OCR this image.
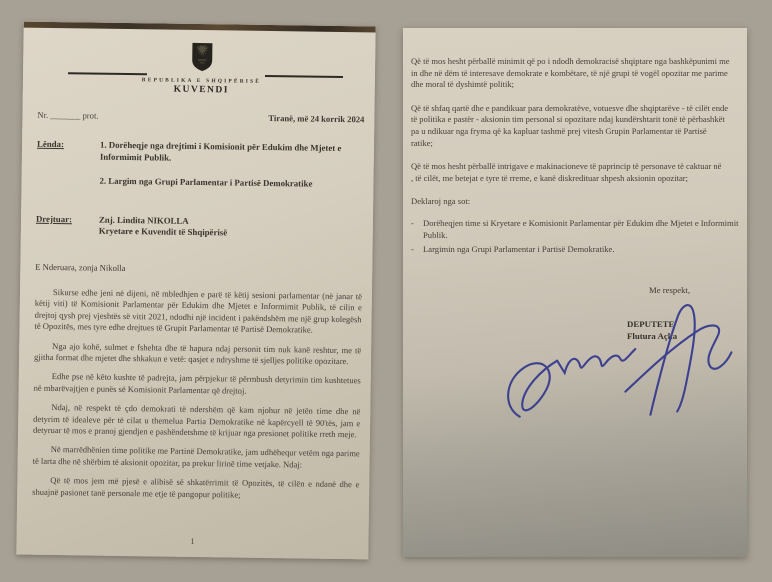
REPUBLIKA E SHQIPËRISË
KUVENDI
Nr. _______ prot.	Tiranë, më 24 korrik 2024
Lënda:	1. Dorëheqje nga drejtimi i Komisionit për Edukim dhe Mjetet e Informimit Publik.
2. Largim nga Grupi Parlamentar i Partisë Demokratike
Drejtuar:	Znj. Lindita NIKOLLA
Kryetare e Kuvendit të Shqipërisë
E Nderuara, zonja Nikolla

Sikurse edhe jeni në dijeni, në mbledhjen e parë të këtij sesioni parlamentar (në janar të këtij viti) të Komisionit Parlamentar për Edukim dhe Mjetet e Informimit Publik, të cilin e drejtoj qysh prej vjeshtës së vitit 2021, ndodhi një incident i pakëndshëm me një grup kolegësh të Opozitës, mes tyre edhe drejtues të Grupit Parlamentar të Partisë Demokratike.

Nga ajo kohë, sulmet e fshehta dhe të hapura ndaj personit tim nuk kanë reshtur, me të gjitha format dhe mjetet dhe shkakun e vetë: qasjet e ndryshme të sjelljes politike opozitare.

Edhe pse në këto kushte të padrejta, jam përpjekur të përmbush detyrimin tim kushtetues në mbarëvajtjen e punës së Komisionit Parlamentar që drejtoj.

Ndaj, në respekt të çdo demokrati të ndershëm që kam njohur në jetën time dhe në detyrim të idealeve për të cilat u themelua Partia Demokratike në kapërcyell të 90'tës, jam e detyruar të mos e pranoj gjendjen e pashëndetshme të krijuar nga presionet politike rreth meje.

Në marrëdhënien time politike me Partinë Demokratike, jam udhëhequr vetëm nga parime të larta dhe në shërbim të aksionit opozitar, pa prekur lirinë time vetjake. Ndaj:

Që të mos jem më pjesë e alibisë së shkatërrimit të Opozitës, të cilën e ndanë dhe e shuajnë pasionet tanë personale me etje të pangopur politike;

1
Që të mos hesht përballë minimit që po i ndodh demokracisë shqiptare nga bashkëpunimi me
in dhe në dëm të interesave demokrate e kombëtare, të një grupi të vogël opozitar me parime
dhe moral të dyshimtë politik;
Që të shfaq qartë dhe e pandikuar para demokratëve, votuesve dhe shqiptarëve - të cilët ende
të politika e pastër - aksionin tim personal si opozitare ndaj kundërshtarit tonë të përbashkët
pa u ndikuar nga fryma që ka kapluar tashmë prej vitesh Grupin Parlamentar të Partisë
ratike;
Që të mos hesht përballë intrigave e makinacioneve të paprincip të personave të caktuar në
, të cilët, me betejat e tyre të rreme, e kanë diskredituar shpesh aksionin opozitar;
Deklaroj nga sot:
-	Dorëheqjen time si Kryetare e Komisionit Parlamentar për Edukim dhe Mjetet e Informimit Publik.
-	Largimin nga Grupi Parlamentar i Partisë Demokratike.
Me respekt,
DEPUTETE
Flutura Açka
